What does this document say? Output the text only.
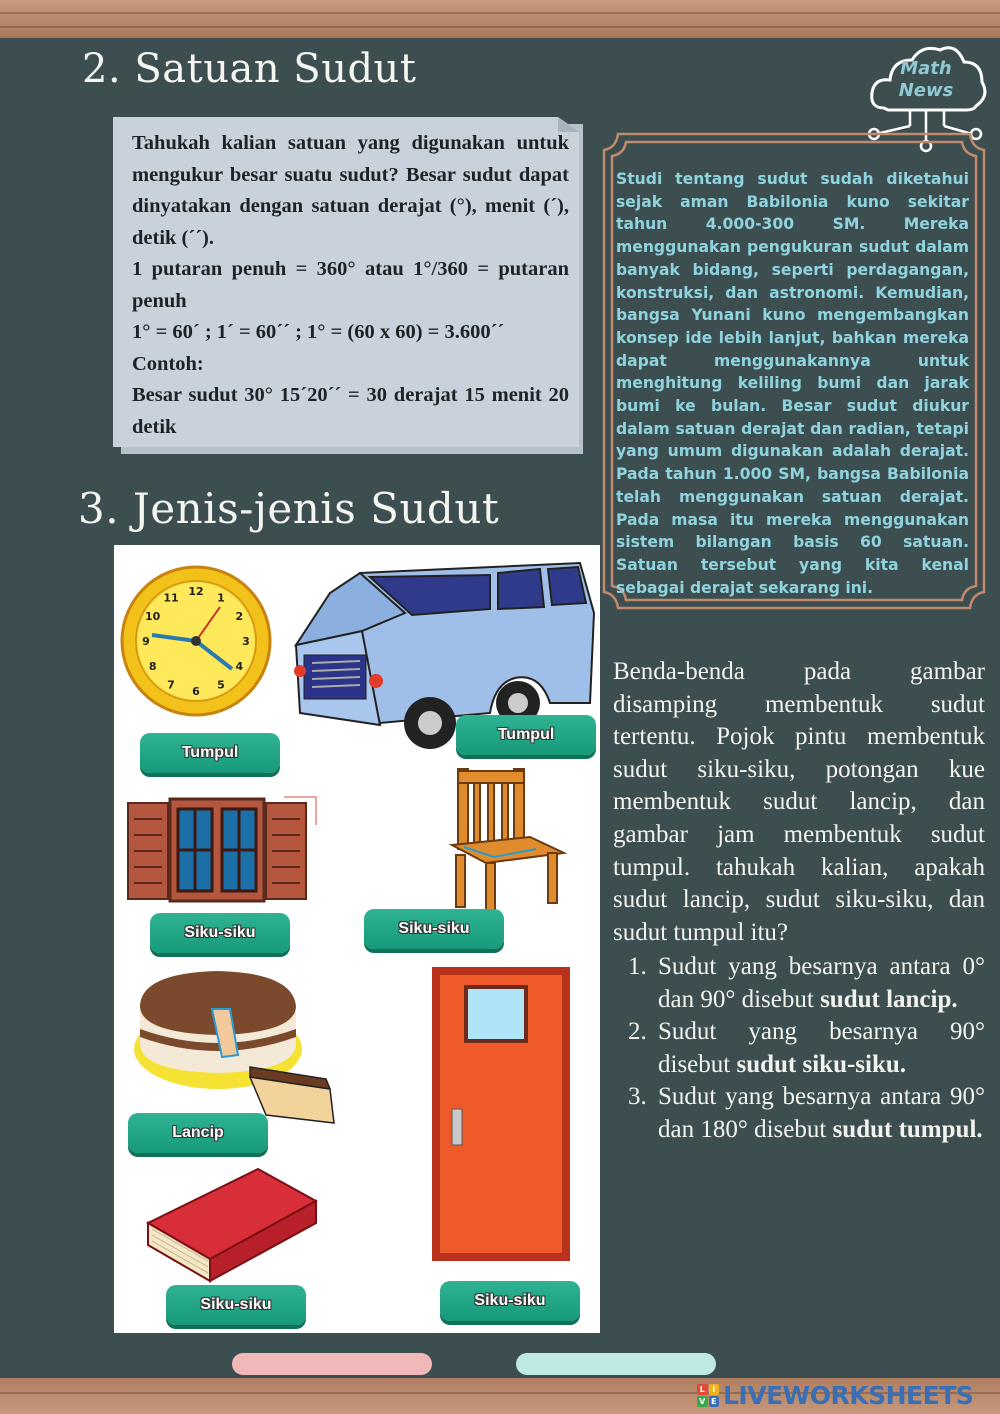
2. Satuan Sudut

Tahukah kalian satuan yang digunakan untuk mengukur besar suatu sudut? Besar sudut dapat dinyatakan dengan satuan derajat (°), menit (´), detik (´´).

1 putaran penuh = 360° atau 1°/360 = putaran penuh

1° = 60´ ; 1´ = 60´´ ; 1° = (60 x 60) = 3.600´´

Contoh:

Besar sudut 30° 15´20´´ = 30 derajat 15 menit 20 detik

Math
News
Studi tentang sudut sudah diketahui sejak aman Babilonia kuno sekitar tahun 4.000-300 SM. Mereka menggunakan pengukuran sudut dalam banyak bidang, seperti perdagangan, konstruksi, dan astronomi. Kemudian, bangsa Yunani kuno mengembangkan konsep ide lebih lanjut, bahkan mereka dapat menggunakannya untuk menghitung keliling bumi dan jarak bumi ke bulan. Besar sudut diukur dalam satuan derajat dan radian, tetapi yang umum digunakan adalah derajat. Pada tahun 1.000 SM, bangsa Babilonia telah menggunakan satuan derajat. Pada masa itu mereka menggunakan sistem bilangan basis 60 satuan. Satuan tersebut yang kita kenal sebagai derajat sekarang ini.
3. Jenis-jenis Sudut
12
1
2
3
4
5
6
7
8
9
10
11
Tumpul
Tumpul
Siku-siku	Siku-siku
Lancip
Siku-siku
Siku-siku

Benda-benda pada gambar disamping membentuk sudut tertentu. Pojok pintu membentuk sudut siku-siku, potongan kue membentuk sudut lancip, dan gambar jam membentuk sudut tumpul. tahukah kalian, apakah sudut lancip, sudut siku-siku, dan sudut tumpul itu?

1. Sudut yang besarnya antara 0° dan 90° disebut sudut lancip.
2. Sudut yang besarnya 90° disebut sudut siku-siku.
3. Sudut yang besarnya antara 90° dan 180° disebut sudut tumpul.
L I
V E LIVEWORKSHEETS
